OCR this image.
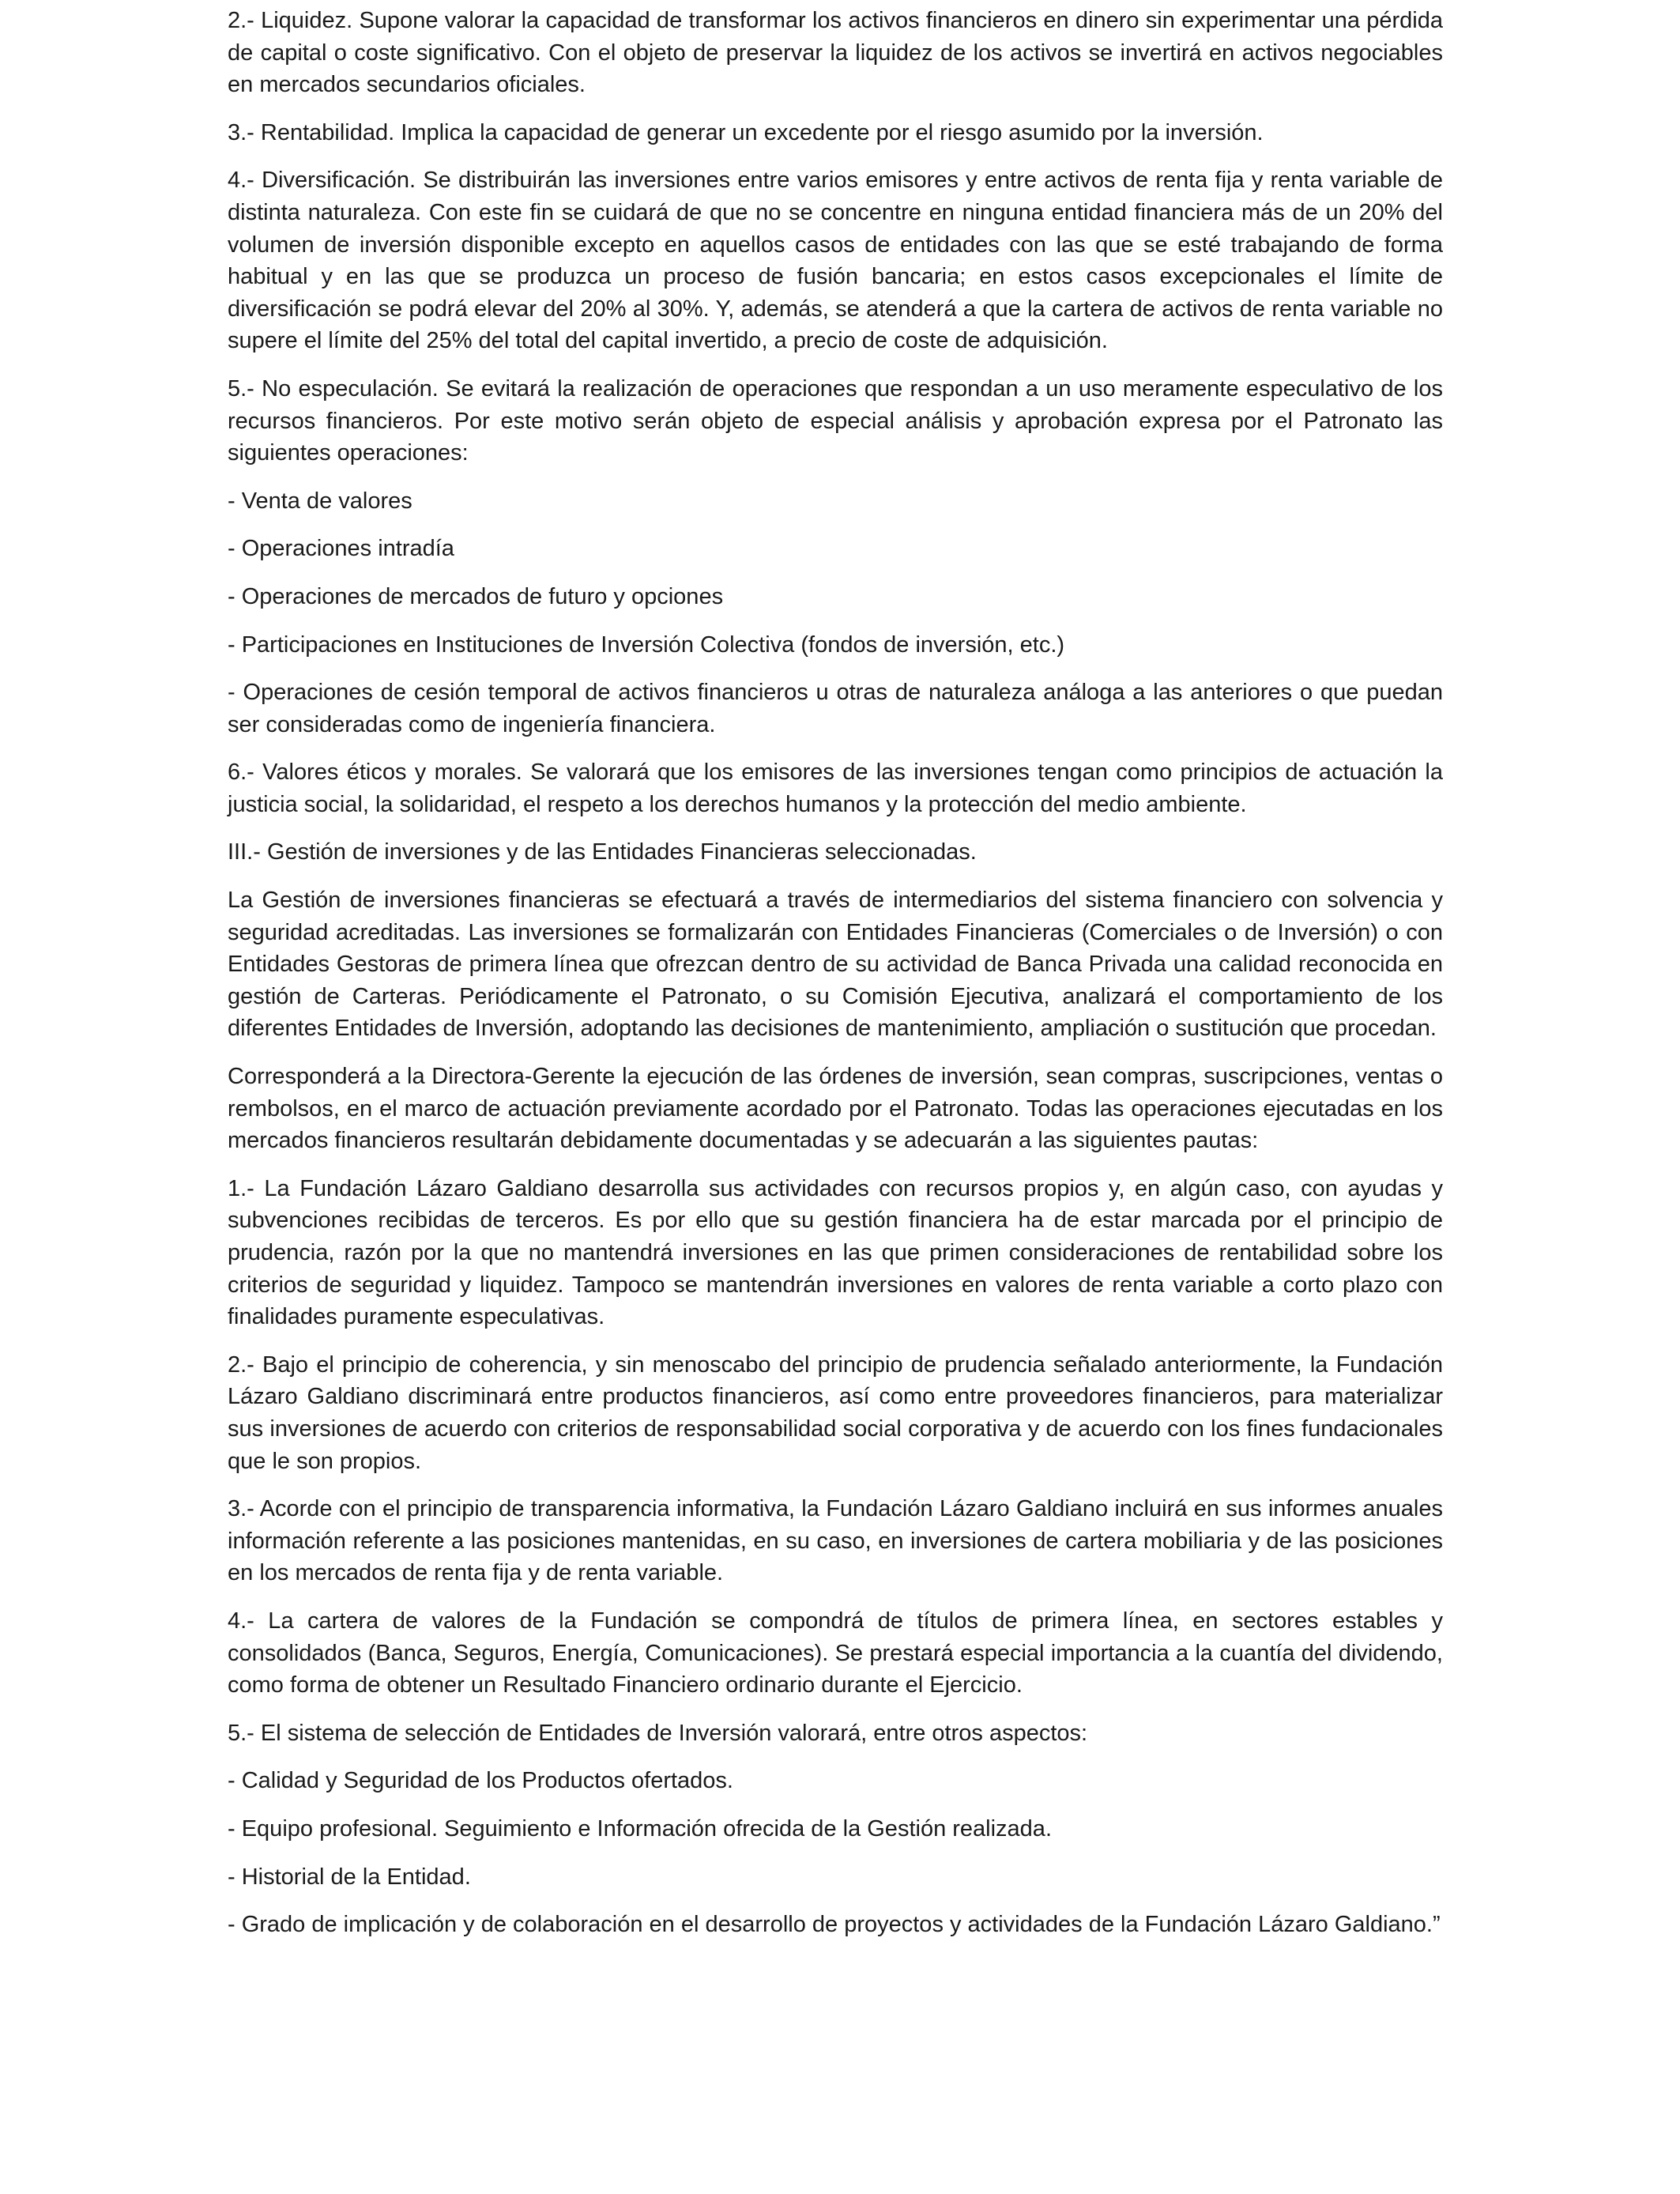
2.- Liquidez. Supone valorar la capacidad de transformar los activos financieros en dinero sin experimentar una pérdida de capital o coste significativo. Con el objeto de preservar la liquidez de los activos se invertirá en activos negociables en mercados secundarios oficiales.

3.- Rentabilidad. Implica la capacidad de generar un excedente por el riesgo asumido por la inversión.

4.- Diversificación. Se distribuirán las inversiones entre varios emisores y entre activos de renta fija y renta variable de distinta naturaleza. Con este fin se cuidará de que no se concentre en ninguna entidad financiera más de un 20% del volumen de inversión disponible excepto en aquellos casos de entidades con las que se esté trabajando de forma habitual y en las que se produzca un proceso de fusión bancaria; en estos casos excepcionales el límite de diversificación se podrá elevar del 20% al 30%. Y, además, se atenderá a que la cartera de activos de renta variable no supere el límite del 25% del total del capital invertido, a precio de coste de adquisición.

5.- No especulación. Se evitará la realización de operaciones que respondan a un uso meramente especulativo de los recursos financieros. Por este motivo serán objeto de especial análisis y aprobación expresa por el Patronato las siguientes operaciones:

- Venta de valores

- Operaciones intradía

- Operaciones de mercados de futuro y opciones

- Participaciones en Instituciones de Inversión Colectiva (fondos de inversión, etc.)

- Operaciones de cesión temporal de activos financieros u otras de naturaleza análoga a las anteriores o que puedan ser consideradas como de ingeniería financiera.

6.- Valores éticos y morales. Se valorará que los emisores de las inversiones tengan como principios de actuación la justicia social, la solidaridad, el respeto a los derechos humanos y la protección del medio ambiente.

III.- Gestión de inversiones y de las Entidades Financieras seleccionadas.

La Gestión de inversiones financieras se efectuará a través de intermediarios del sistema financiero con solvencia y seguridad acreditadas. Las inversiones se formalizarán con Entidades Financieras (Comerciales o de Inversión) o con Entidades Gestoras de primera línea que ofrezcan dentro de su actividad de Banca Privada una calidad reconocida en gestión de Carteras. Periódicamente el Patronato, o su Comisión Ejecutiva, analizará el comportamiento de los diferentes Entidades de Inversión, adoptando las decisiones de mantenimiento, ampliación o sustitución que procedan.

Corresponderá a la Directora-Gerente la ejecución de las órdenes de inversión, sean compras, suscripciones, ventas o rembolsos, en el marco de actuación previamente acordado por el Patronato. Todas las operaciones ejecutadas en los mercados financieros resultarán debidamente documentadas y se adecuarán a las siguientes pautas:

1.- La Fundación Lázaro Galdiano desarrolla sus actividades con recursos propios y, en algún caso, con ayudas y subvenciones recibidas de terceros. Es por ello que su gestión financiera ha de estar marcada por el principio de prudencia, razón por la que no mantendrá inversiones en las que primen consideraciones de rentabilidad sobre los criterios de seguridad y liquidez. Tampoco se mantendrán inversiones en valores de renta variable a corto plazo con finalidades puramente especulativas.

2.- Bajo el principio de coherencia, y sin menoscabo del principio de prudencia señalado anteriormente, la Fundación Lázaro Galdiano discriminará entre productos financieros, así como entre proveedores financieros, para materializar sus inversiones de acuerdo con criterios de responsabilidad social corporativa y de acuerdo con los fines fundacionales que le son propios.

3.- Acorde con el principio de transparencia informativa, la Fundación Lázaro Galdiano incluirá en sus informes anuales información referente a las posiciones mantenidas, en su caso, en inversiones de cartera mobiliaria y de las posiciones en los mercados de renta fija y de renta variable.

4.- La cartera de valores de la Fundación se compondrá de títulos de primera línea, en sectores estables y consolidados (Banca, Seguros, Energía, Comunicaciones). Se prestará especial importancia a la cuantía del dividendo, como forma de obtener un Resultado Financiero ordinario durante el Ejercicio.

5.- El sistema de selección de Entidades de Inversión valorará, entre otros aspectos:

- Calidad y Seguridad de los Productos ofertados.

- Equipo profesional. Seguimiento e Información ofrecida de la Gestión realizada.

- Historial de la Entidad.

- Grado de implicación y de colaboración en el desarrollo de proyectos y actividades de la Fundación Lázaro Galdiano.”
